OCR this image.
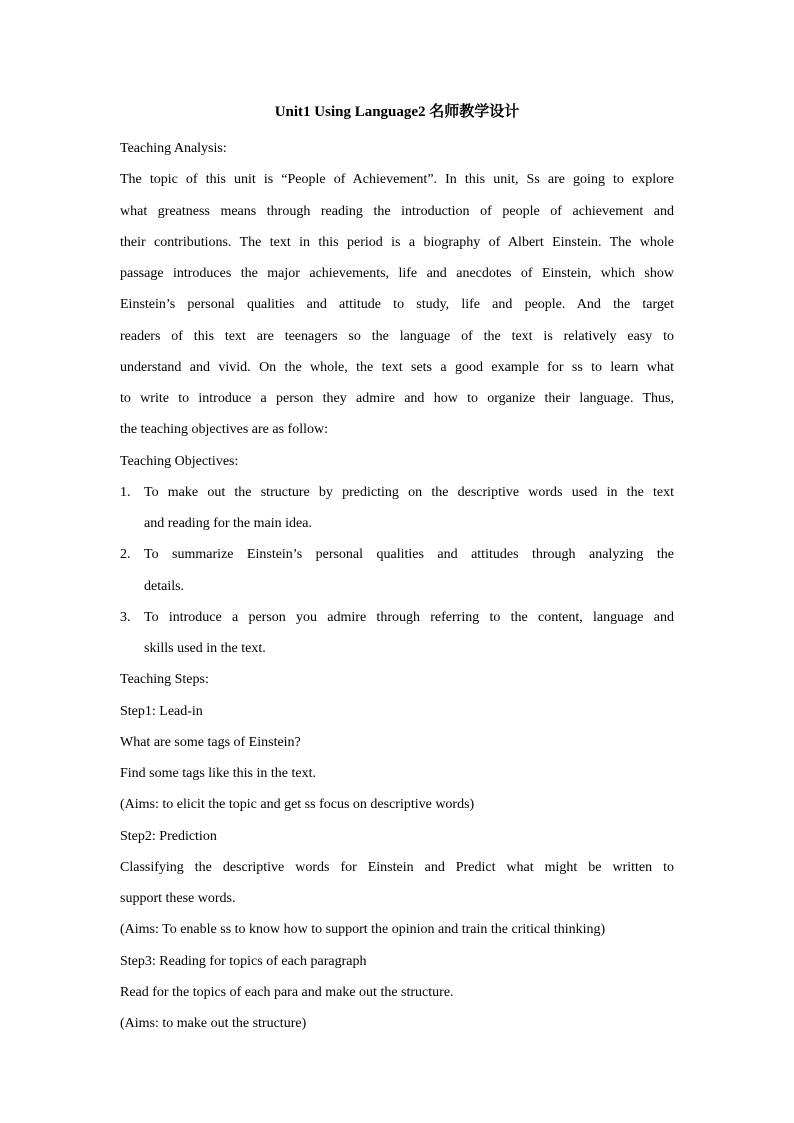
Unit1 Using Language2 名师教学设计
Teaching Analysis:
The topic of this unit is “People of Achievement”. In this unit, Ss are going to explore
what greatness means through reading the introduction of people of achievement and
their contributions. The text in this period is a biography of Albert Einstein. The whole
passage introduces the major achievements, life and anecdotes of Einstein, which show
Einstein’s personal qualities and attitude to study, life and people. And the target
readers of this text are teenagers so the language of the text is relatively easy to
understand and vivid. On the whole, the text sets a good example for ss to learn what
to write to introduce a person they admire and how to organize their language. Thus,
the teaching objectives are as follow:
Teaching Objectives:
1. To make out the structure by predicting on the descriptive words used in the text
and reading for the main idea.
2. To summarize Einstein’s personal qualities and attitudes through analyzing the
details.
3. To introduce a person you admire through referring to the content, language and
skills used in the text.
Teaching Steps:
Step1: Lead-in
What are some tags of Einstein?
Find some tags like this in the text.
(Aims: to elicit the topic and get ss focus on descriptive words)
Step2: Prediction
Classifying the descriptive words for Einstein and Predict what might be written to
support these words.
(Aims: To enable ss to know how to support the opinion and train the critical thinking)
Step3: Reading for topics of each paragraph
Read for the topics of each para and make out the structure.
(Aims: to make out the structure)
